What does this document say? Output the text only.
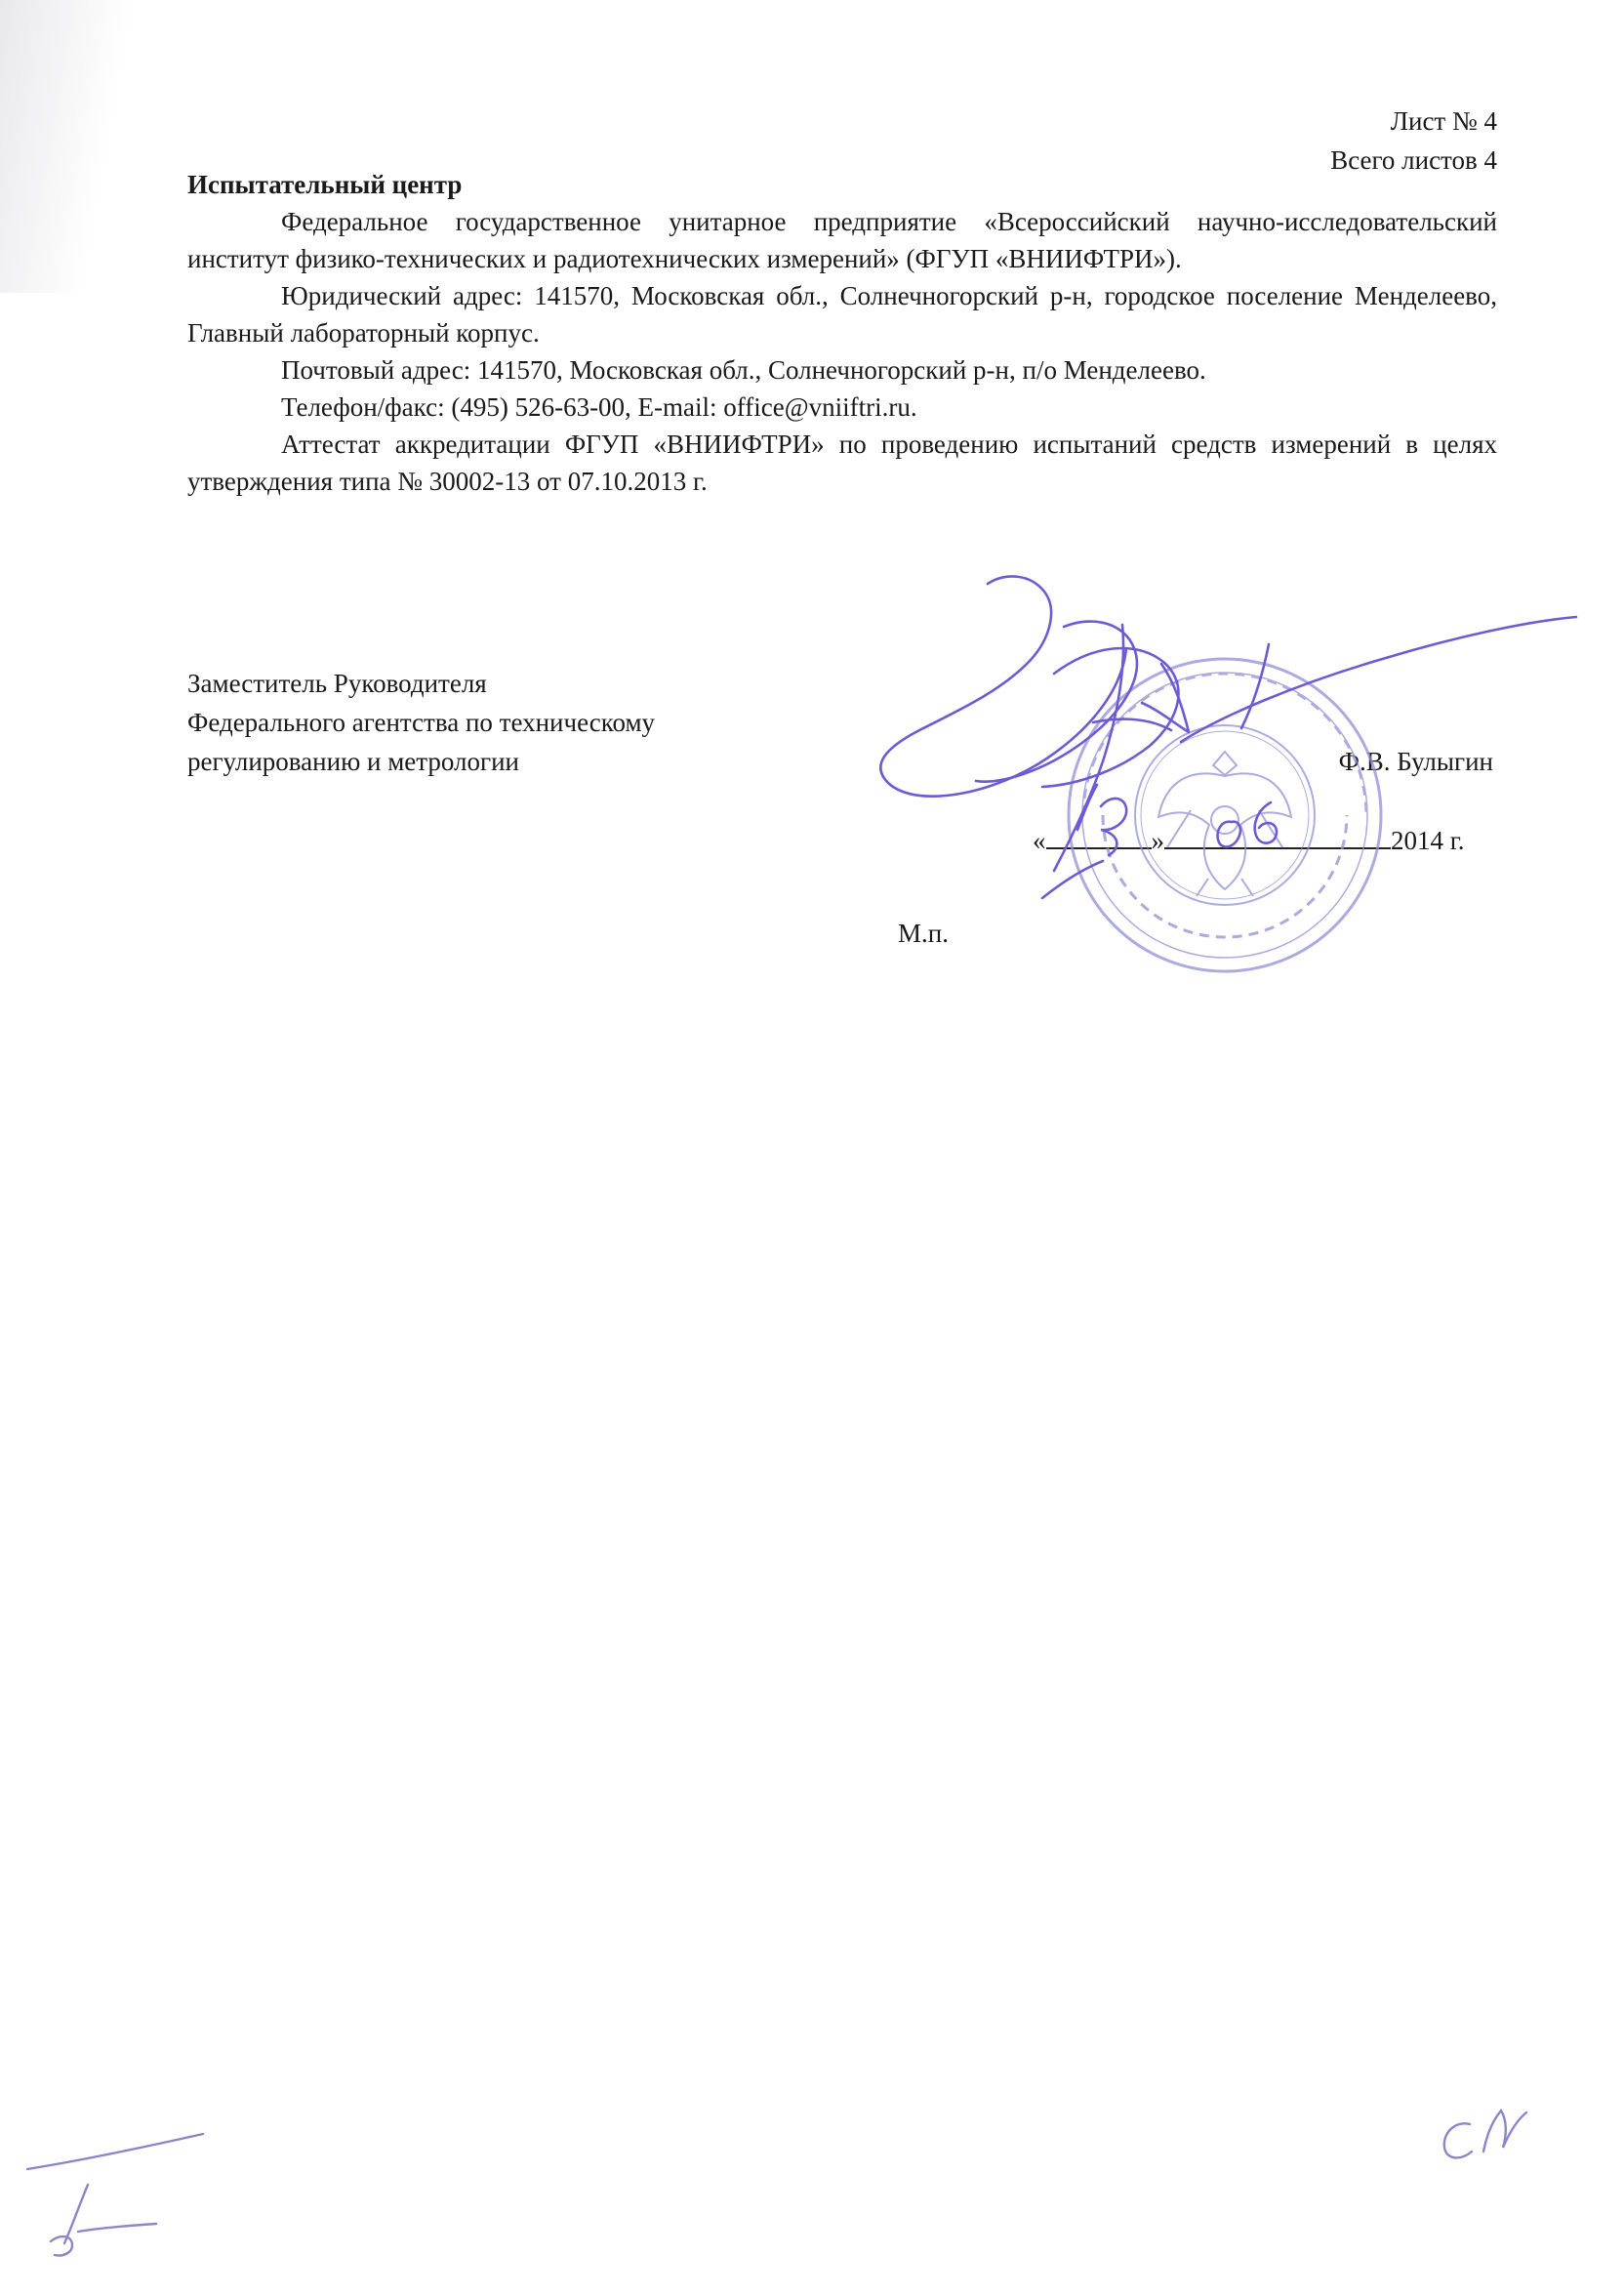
Лист № 4
Всего листов 4

Испытательный центр

Федеральное государственное унитарное предприятие «Всероссийский научно-исследовательский институт физико-технических и радиотехнических измерений» (ФГУП «ВНИИФТРИ»).

Юридический адрес: 141570, Московская обл., Солнечногорский р-н, городское поселение Менделеево, Главный лабораторный корпус.

Почтовый адрес: 141570, Московская обл., Солнечногорский р-н, п/о Менделеево.

Телефон/факс: (495) 526-63-00, E-mail: office@vniiftri.ru.

Аттестат аккредитации ФГУП «ВНИИФТРИ» по проведению испытаний средств измерений в целях утверждения типа № 30002-13 от 07.10.2013 г.

Заместитель Руководителя
Федерального агентства по техническому
регулированию и метрологии	Ф.В. Булыгин
«	»	2014 г.
М.п.
